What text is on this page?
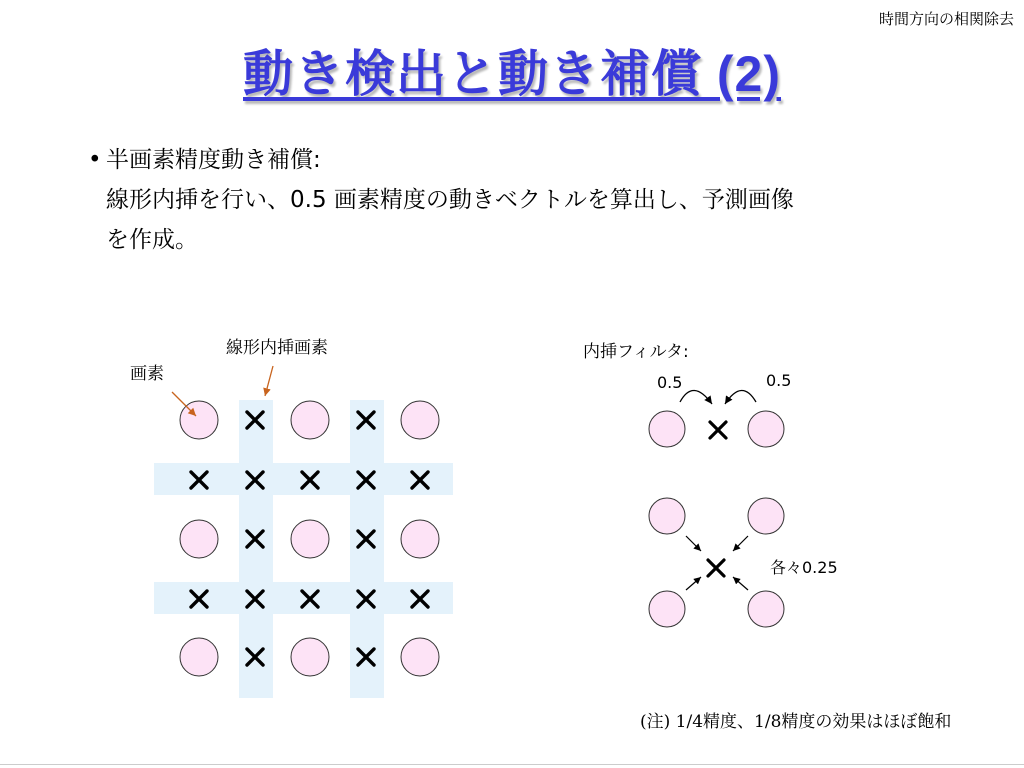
時間方向の相関除去
動き検出と動き補償 (2)
• 半画素精度動き補償:
線形内挿を行い、0.5 画素精度の動きベクトルを算出し、予測画像
を作成。
線形内挿画素
画素
内挿フィルタ:
0.5	0.5
各々0.25
(注) 1/4精度、1/8精度の効果はほぼ飽和
